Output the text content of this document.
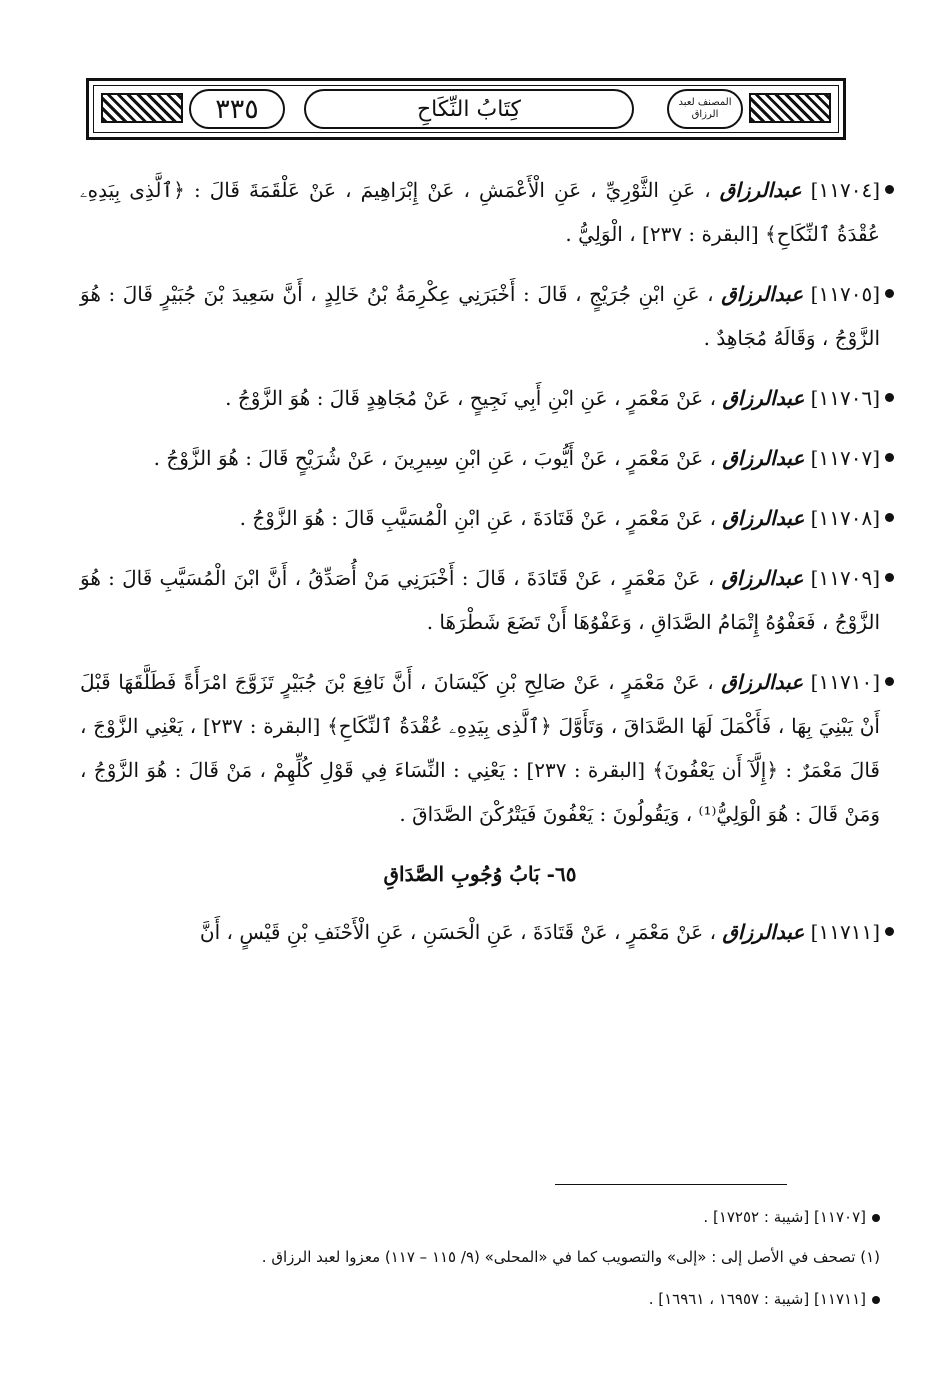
٣٣٥	كِتَابُ النِّكَاحِ	المصنف لعبد الرزاق
[١١٧٠٤] عبدالرزاق ، عَنِ الثَّوْرِيِّ ، عَنِ الْأَعْمَشِ ، عَنْ إِبْرَاهِيمَ ، عَنْ عَلْقَمَةَ قَالَ : ﴿ٱلَّذِى بِيَدِهِۦ عُقْدَةُ ٱلنِّكَاحِ﴾ [البقرة : ٢٣٧] ، الْوَلِيُّ .
[١١٧٠٥] عبدالرزاق ، عَنِ ابْنِ جُرَيْجٍ ، قَالَ : أَخْبَرَنِي عِكْرِمَةُ بْنُ خَالِدٍ ، أَنَّ سَعِيدَ بْنَ جُبَيْرٍ قَالَ : هُوَ الزَّوْجُ ، وَقَالَهُ مُجَاهِدٌ .
[١١٧٠٦] عبدالرزاق ، عَنْ مَعْمَرٍ ، عَنِ ابْنِ أَبِي نَجِيحٍ ، عَنْ مُجَاهِدٍ قَالَ : هُوَ الزَّوْجُ .
[١١٧٠٧] عبدالرزاق ، عَنْ مَعْمَرٍ ، عَنْ أَيُّوبَ ، عَنِ ابْنِ سِيرِينَ ، عَنْ شُرَيْحٍ قَالَ : هُوَ الزَّوْجُ .
[١١٧٠٨] عبدالرزاق ، عَنْ مَعْمَرٍ ، عَنْ قَتَادَةَ ، عَنِ ابْنِ الْمُسَيَّبِ قَالَ : هُوَ الزَّوْجُ .
[١١٧٠٩] عبدالرزاق ، عَنْ مَعْمَرٍ ، عَنْ قَتَادَةَ ، قَالَ : أَخْبَرَنِي مَنْ أُصَدِّقُ ، أَنَّ ابْنَ الْمُسَيَّبِ قَالَ : هُوَ الزَّوْجُ ، فَعَفْوُهُ إِتْمَامُ الصَّدَاقِ ، وَعَفْوُهَا أَنْ تَضَعَ شَطْرَهَا .
[١١٧١٠] عبدالرزاق ، عَنْ مَعْمَرٍ ، عَنْ صَالِحِ بْنِ كَيْسَانَ ، أَنَّ نَافِعَ بْنَ جُبَيْرٍ تَزَوَّجَ امْرَأَةً فَطَلَّقَهَا قَبْلَ أَنْ يَبْنِيَ بِهَا ، فَأَكْمَلَ لَهَا الصَّدَاقَ ، وَتَأَوَّلَ ﴿ٱلَّذِى بِيَدِهِۦ عُقْدَةُ ٱلنِّكَاحِ﴾ [البقرة : ٢٣٧] ، يَعْنِي الزَّوْجَ ، قَالَ مَعْمَرٌ : ﴿إِلَّآ أَن يَعْفُونَ﴾ [البقرة : ٢٣٧] : يَعْنِي : النِّسَاءَ فِي قَوْلِ كُلِّهِمْ ، مَنْ قَالَ : هُوَ الزَّوْجُ ، وَمَنْ قَالَ : هُوَ الْوَلِيُّ⁽¹⁾ ، وَيَقُولُونَ : يَعْفُونَ فَيَتْرُكْنَ الصَّدَاقَ .
٦٥- بَابُ وُجُوبِ الصَّدَاقِ
[١١٧١١] عبدالرزاق ، عَنْ مَعْمَرٍ ، عَنْ قَتَادَةَ ، عَنِ الْحَسَنِ ، عَنِ الْأَحْنَفِ بْنِ قَيْسٍ ، أَنَّ
[١١٧٠٧] [شيبة : ١٧٢٥٢] .
(١) تصحف في الأصل إلى : «إلى» والتصويب كما في «المحلى» (٩/ ١١٥ – ١١٧) معزوا لعبد الرزاق .
[١١٧١١] [شيبة : ١٦٩٥٧ ، ١٦٩٦١] .
